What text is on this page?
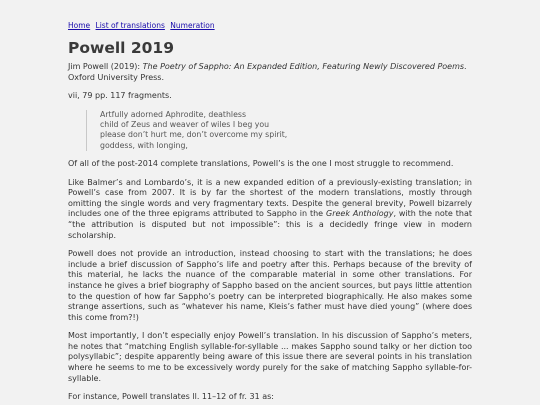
Home List of translations Numeration
Powell 2019

Jim Powell (2019): The Poetry of Sappho: An Expanded Edition, Featuring Newly Discovered Poems. Oxford University Press.

vii, 79 pp. 117 fragments.

Artfully adorned Aphrodite, deathless
child of Zeus and weaver of wiles I beg you
please don’t hurt me, don’t overcome my spirit,
goddess, with longing,

Of all of the post-2014 complete translations, Powell’s is the one I most struggle to recommend.

Like Balmer’s and Lombardo’s, it is a new expanded edition of a previously-existing translation; in Powell’s case from 2007. It is by far the shortest of the modern translations, mostly through omitting the single words and very fragmentary texts. Despite the general brevity, Powell bizarrely includes one of the three epigrams attributed to Sappho in the Greek Anthology, with the note that “the attribution is disputed but not impossible”: this is a decidedly fringe view in modern scholarship.

Powell does not provide an introduction, instead choosing to start with the translations; he does include a brief discussion of Sappho’s life and poetry after this. Perhaps because of the brevity of this material, he lacks the nuance of the comparable material in some other translations. For instance he gives a brief biography of Sappho based on the ancient sources, but pays little attention to the question of how far Sappho’s poetry can be interpreted biographically. He also makes some strange assertions, such as “whatever his name, Kleis’s father must have died young” (where does this come from?!)

Most importantly, I don’t especially enjoy Powell’s translation. In his discussion of Sappho’s meters, he notes that “matching English syllable-for-syllable ... makes Sappho sound talky or her diction too polysyllabic”; despite apparently being aware of this issue there are several points in his translation where he seems to me to be excessively wordy purely for the sake of matching Sappho syllable-for-syllable.

For instance, Powell translates ll. 11–12 of fr. 31 as:
